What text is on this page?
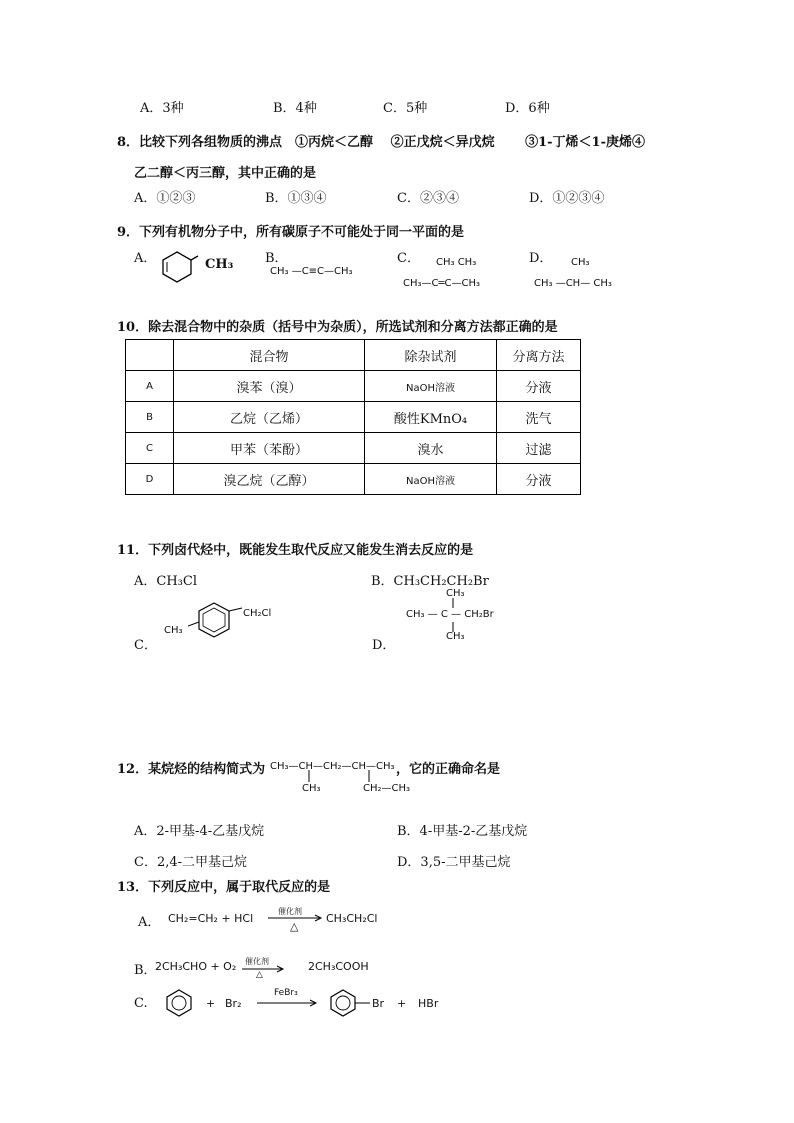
A．3种	B．4种	C．5种	D．6种
8．比较下列各组物质的沸点　①丙烷＜乙醇　 ②正戊烷＜异戊烷　　 ③1-丁烯＜1-庚烯④
乙二醇＜丙三醇，其中正确的是
A．①②③	B．①③④	C．②③④	D．①②③④
9．下列有机物分子中，所有碳原子不可能处于同一平面的是
A．	CH₃ B．
CH₃ —C≡C—CH₃
C． CH₃ CH₃
CH₃—C═C—CH₃
D． CH₃
CH₃ —CH— CH₃
10．除去混合物中的杂质（括号中为杂质），所选试剂和分离方法都正确的是
	混合物	除杂试剂	分离方法
A	溴苯（溴）	NaOH溶液	分液
B	乙烷（乙烯）	酸性KMnO₄	洗气
C	甲苯（苯酚）	溴水	过滤
D	溴乙烷（乙醇）	NaOH溶液	分液
11．下列卤代烃中，既能发生取代反应又能发生消去反应的是
A．CH₃Cl	B．CH₃CH₂CH₂Br
C．
CH₃
CH₂Cl
D．
CH₃
CH₃ — C — CH₂Br
CH₃
12．某烷烃的结构简式为 CH₃—CH—CH₂—CH—CH₃ ，它的正确命名是
CH₃	CH₂—CH₃
A．2-甲基-4-乙基戊烷	B．4-甲基-2-乙基戊烷
C．2,4-二甲基己烷	D．3,5-二甲基己烷
13．下列反应中，属于取代反应的是
A． CH₂=CH₂ + HCl
催化剂
△
CH₃CH₂Cl
B．
2CH₃CHO + O₂ 催化剂
△
2CH₃COOH
C.	+ Br₂
FeBr₃
Br + HBr
